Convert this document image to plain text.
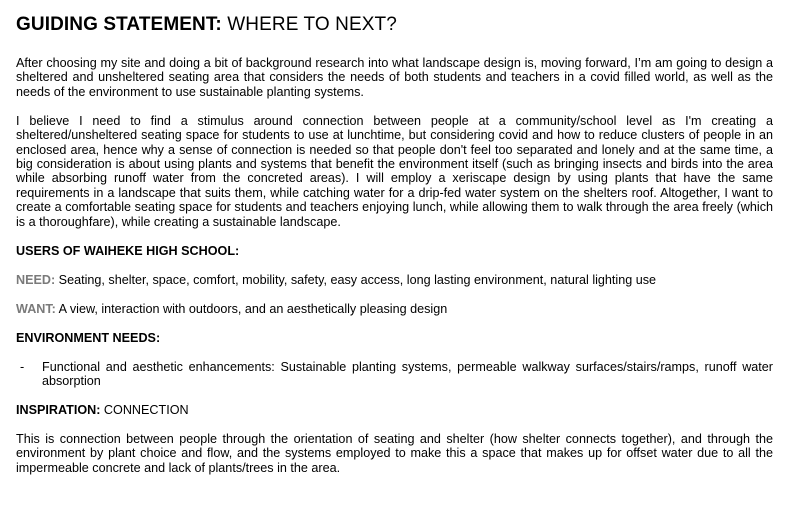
GUIDING STATEMENT: WHERE TO NEXT?

After choosing my site and doing a bit of background research into what landscape design is, moving forward, I’m am going to design a sheltered and unsheltered seating area that considers the needs of both students and teachers in a covid filled world, as well as the needs of the environment to use sustainable planting systems.

I believe I need to find a stimulus around connection between people at a community/school level as I'm creating a sheltered/unsheltered seating space for students to use at lunchtime, but considering covid and how to reduce clusters of people in an enclosed area, hence why a sense of connection is needed so that people don't feel too separated and lonely and at the same time, a big consideration is about using plants and systems that benefit the environment itself (such as bringing insects and birds into the area while absorbing runoff water from the concreted areas). I will employ a xeriscape design by using plants that have the same requirements in a landscape that suits them, while catching water for a drip-fed water system on the shelters roof. Altogether, I want to create a comfortable seating space for students and teachers enjoying lunch, while allowing them to walk through the area freely (which is a thoroughfare), while creating a sustainable landscape.

USERS OF WAIHEKE HIGH SCHOOL:

NEED: Seating, shelter, space, comfort, mobility, safety, easy access, long lasting environment, natural lighting use

WANT: A view, interaction with outdoors, and an aesthetically pleasing design

ENVIRONMENT NEEDS:

- Functional and aesthetic enhancements: Sustainable planting systems, permeable walkway surfaces/stairs/ramps, runoff water absorption

INSPIRATION: CONNECTION

This is connection between people through the orientation of seating and shelter (how shelter connects together), and through the environment by plant choice and flow, and the systems employed to make this a space that makes up for offset water due to all the impermeable concrete and lack of plants/trees in the area.
